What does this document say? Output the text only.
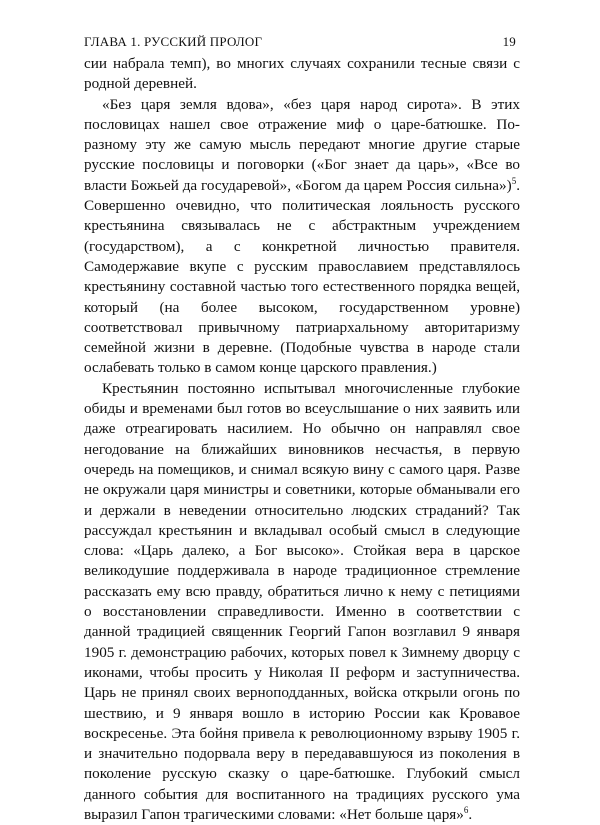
ГЛАВА 1. РУССКИЙ ПРОЛОГ	19

сии набрала темп), во многих случаях сохранили тесные связи с родной деревней.

«Без царя земля вдова», «без царя народ сирота». В этих пословицах нашел свое отражение миф о царе-батюшке. По-разному эту же самую мысль передают многие другие старые русские пословицы и поговорки («Бог знает да царь», «Все во власти Божьей да государевой», «Богом да царем Россия сильна»)$^5$. Совершенно очевидно, что политическая лояльность русского крестьянина связывалась не с абстрактным учреждением (государством), а с конкретной личностью правителя. Самодержавие вкупе с русским православием представлялось крестьянину составной частью того естественного порядка вещей, который (на более высоком, государственном уровне) соответствовал привычному патриархальному авторитаризму семейной жизни в деревне. (Подобные чувства в народе стали ослабевать только в самом конце царского правления.)

Крестьянин постоянно испытывал многочисленные глубокие обиды и временами был готов во всеуслышание о них заявить или даже отреагировать насилием. Но обычно он направлял свое негодование на ближайших виновников несчастья, в первую очередь на помещиков, и снимал всякую вину с самого царя. Разве не окружали царя министры и советники, которые обманывали его и держали в неведении относительно людских страданий? Так рассуждал крестьянин и вкладывал особый смысл в следующие слова: «Царь далеко, а Бог высоко». Стойкая вера в царское великодушие поддерживала в народе традиционное стремление рассказать ему всю правду, обратиться лично к нему с петициями о восстановлении справедливости. Именно в соответствии с данной традицией священник Георгий Гапон возглавил 9 января 1905 г. демонстрацию рабочих, которых повел к Зимнему дворцу с иконами, чтобы просить у Николая II реформ и заступничества. Царь не принял своих верноподданных, войска открыли огонь по шествию, и 9 января вошло в историю России как Кровавое воскресенье. Эта бойня привела к революционному взрыву 1905 г. и значительно подорвала веру в передававшуюся из поколения в поколение русскую сказку о царе-батюшке. Глубокий смысл данного события для воспитанного на традициях русского ума выразил Гапон трагическими словами: «Нет больше царя»$^6$.
